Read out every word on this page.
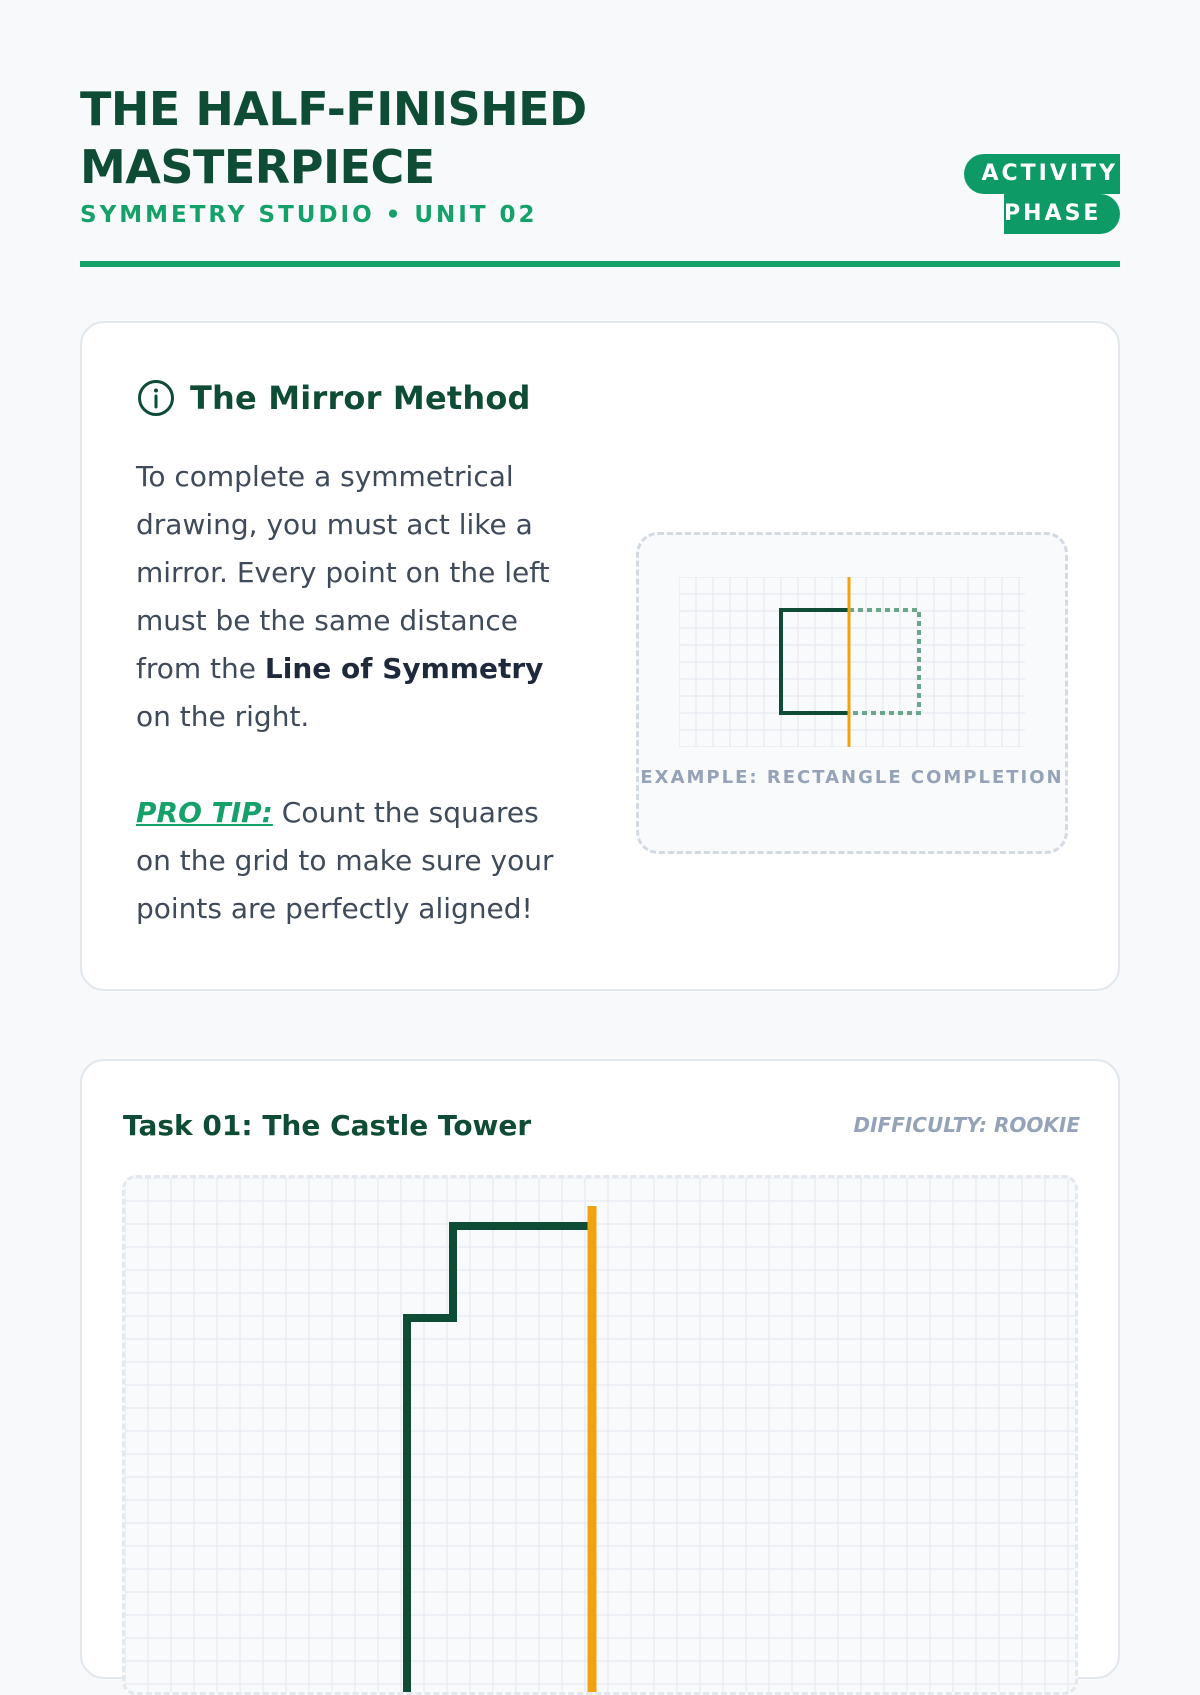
THE HALF-FINISHED MASTERPIECE
SYMMETRY STUDIO • UNIT 02
ACTIVITY
PHASE
The Mirror Method

To complete a symmetrical drawing, you must act like a mirror. Every point on the left must be the same distance from the Line of Symmetry on the right.

PRO TIP: Count the squares on the grid to make sure your points are perfectly aligned!

EXAMPLE: RECTANGLE COMPLETION
Task 01: The Castle Tower	DIFFICULTY: ROOKIE
